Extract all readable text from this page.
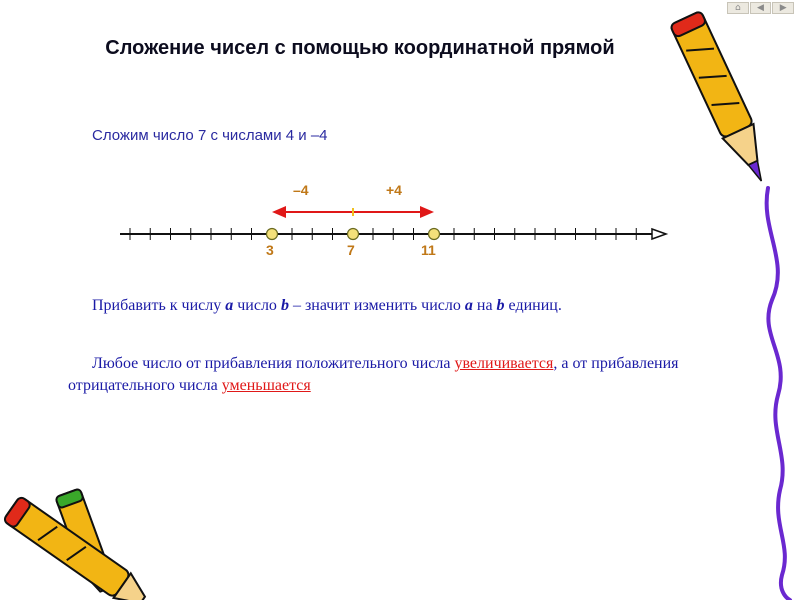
⌂ ◀ ▶
Сложение чисел с помощью координатной прямой
Сложим число 7 с числами 4 и –4
–4	+4
3	7	11
Прибавить к числу a число b – значит изменить число a на b единиц.
Любое число от прибавления положительного числа увеличивается, а от прибавления отрицательного числа уменьшается
